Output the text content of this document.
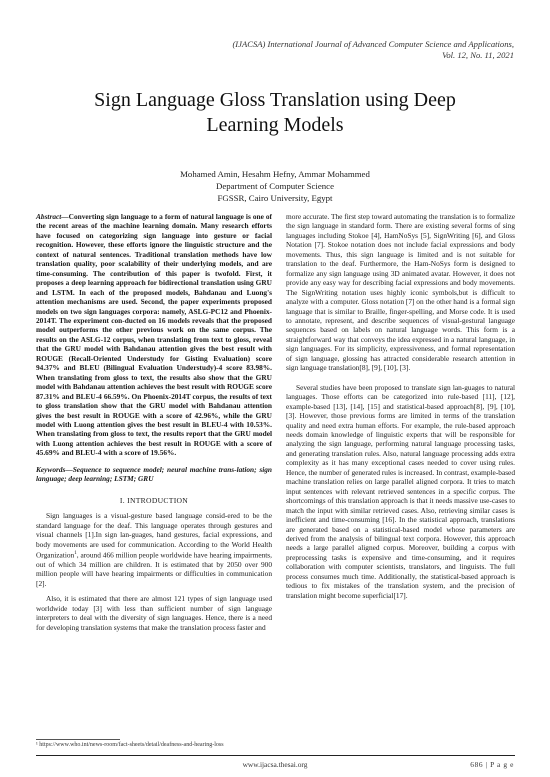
(IJACSA) International Journal of Advanced Computer Science and Applications,
Vol. 12, No. 11, 2021
Sign Language Gloss Translation using Deep
Learning Models
Mohamed Amin, Hesahm Hefny, Ammar Mohammed
Department of Computer Science
FGSSR, Cairo University, Egypt

Abstract—Converting sign language to a form of natural language is one of the recent areas of the machine learning domain. Many research efforts have focused on categorizing sign language into gesture or facial recognition. However, these efforts ignore the linguistic structure and the context of natural sentences. Traditional translation methods have low translation quality, poor scalability of their underlying models, and are time-consuming. The contribution of this paper is twofold. First, it proposes a deep learning approach for bidirectional translation using GRU and LSTM. In each of the proposed models, Bahdanau and Luong's attention mechanisms are used. Second, the paper experiments proposed models on two sign languages corpora: namely, ASLG-PC12 and Phoenix-2014T. The experiment con-ducted on 16 models reveals that the proposed model outperforms the other previous work on the same corpus. The results on the ASLG-12 corpus, when translating from text to gloss, reveal that the GRU model with Bahdanau attention gives the best result with ROUGE (Recall-Oriented Understudy for Gisting Evaluation) score 94.37% and BLEU (Bilingual Evaluation Understudy)-4 score 83.98%. When translating from gloss to text, the results also show that the GRU model with Bahdanau attention achieves the best result with ROUGE score 87.31% and BLEU-4 66.59%. On Phoenix-2014T corpus, the results of text to gloss translation show that the GRU model with Bahdanau attention gives the best result in ROUGE with a score of 42.96%, while the GRU model with Luong attention gives the best result in BLEU-4 with 10.53%. When translating from gloss to text, the results report that the GRU model with Luong attention achieves the best result in ROUGE with a score of 45.69% and BLEU-4 with a score of 19.56%.

Keywords—Sequence to sequence model; neural machine trans-lation; sign language; deep learning; LSTM; GRU

I. INTRODUCTION

Sign languages is a visual-gesture based language consid-ered to be the standard language for the deaf. This language operates through gestures and visual channels [1].In sign lan-guages, hand gestures, facial expressions, and body movements are used for communication. According to the World Health Organization$^1$, around 466 million people worldwide have hearing impairments, out of which 34 million are children. It is estimated that by 2050 over 900 million people will have hearing impairments or difficulties in communication [2].

Also, it is estimated that there are almost 121 types of sign language used worldwide today [3] with less than sufficient number of sign language interpreters to deal with the diversity of sign languages. Hence, there is a need for developing translation systems that make the translation process faster and

more accurate. The first step toward automating the translation is to formalize the sign language in standard form. There are existing several forms of sing languages including Stokoe [4], HamNoSys [5], SignWriting [6], and Gloss Notation [7]. Stokoe notation does not include facial expressions and body movements. Thus, this sign language is limited and is not suitable for translation to the deaf. Furthermore, the Ham-NoSys form is designed to formalize any sign language using 3D animated avatar. However, it does not provide any easy way for describing facial expressions and body movements. The SignWriting notation uses highly iconic symbols,but is difficult to analyze with a computer. Gloss notation [7] on the other hand is a formal sign language that is similar to Braille, finger-spelling, and Morse code. It is used to annotate, represent, and describe sequences of visual-gestural language sequences based on labels on natural language words. This form is a straightforward way that conveys the idea expressed in a natural language, in sign languages. For its simplicity, expressiveness, and formal representation of sign language, glossing has attracted considerable research attention in sign language translation[8], [9], [10], [3].

Several studies have been proposed to translate sign lan-guages to natural languages. Those efforts can be categorized into rule-based [11], [12], example-based [13], [14], [15] and statistical-based approach[8], [9], [10], [3]. However, those previous forms are limited in terms of the translation quality and need extra human efforts. For example, the rule-based approach needs domain knowledge of linguistic experts that will be responsible for analyzing the sign language, performing natural language processing tasks, and generating translation rules. Also, natural language processing adds extra complexity as it has many exceptional cases needed to cover using rules. Hence, the number of generated rules is increased. In contrast, example-based machine translation relies on large parallel aligned corpora. It tries to match input sentences with relevant retrieved sentences in a specific corpus. The shortcomings of this translation approach is that it needs massive use-cases to match the input with similar retrieved cases. Also, retrieving similar cases is inefficient and time-consuming [16]. In the statistical approach, translations are generated based on a statistical-based model whose parameters are derived from the analysis of bilingual text corpora. However, this approach needs a large parallel aligned corpus. Moreover, building a corpus with preprocessing tasks is expensive and time-consuming, and it requires collaboration with computer scientists, translators, and linguists. The full process consumes much time. Additionally, the statistical-based approach is tedious to fix mistakes of the translation system, and the precision of translation might become superficial[17].

¹ https://www.who.int/news-room/fact-sheets/detail/deafness-and-hearing-loss
www.ijacsa.thesai.org	686 | P a g e
